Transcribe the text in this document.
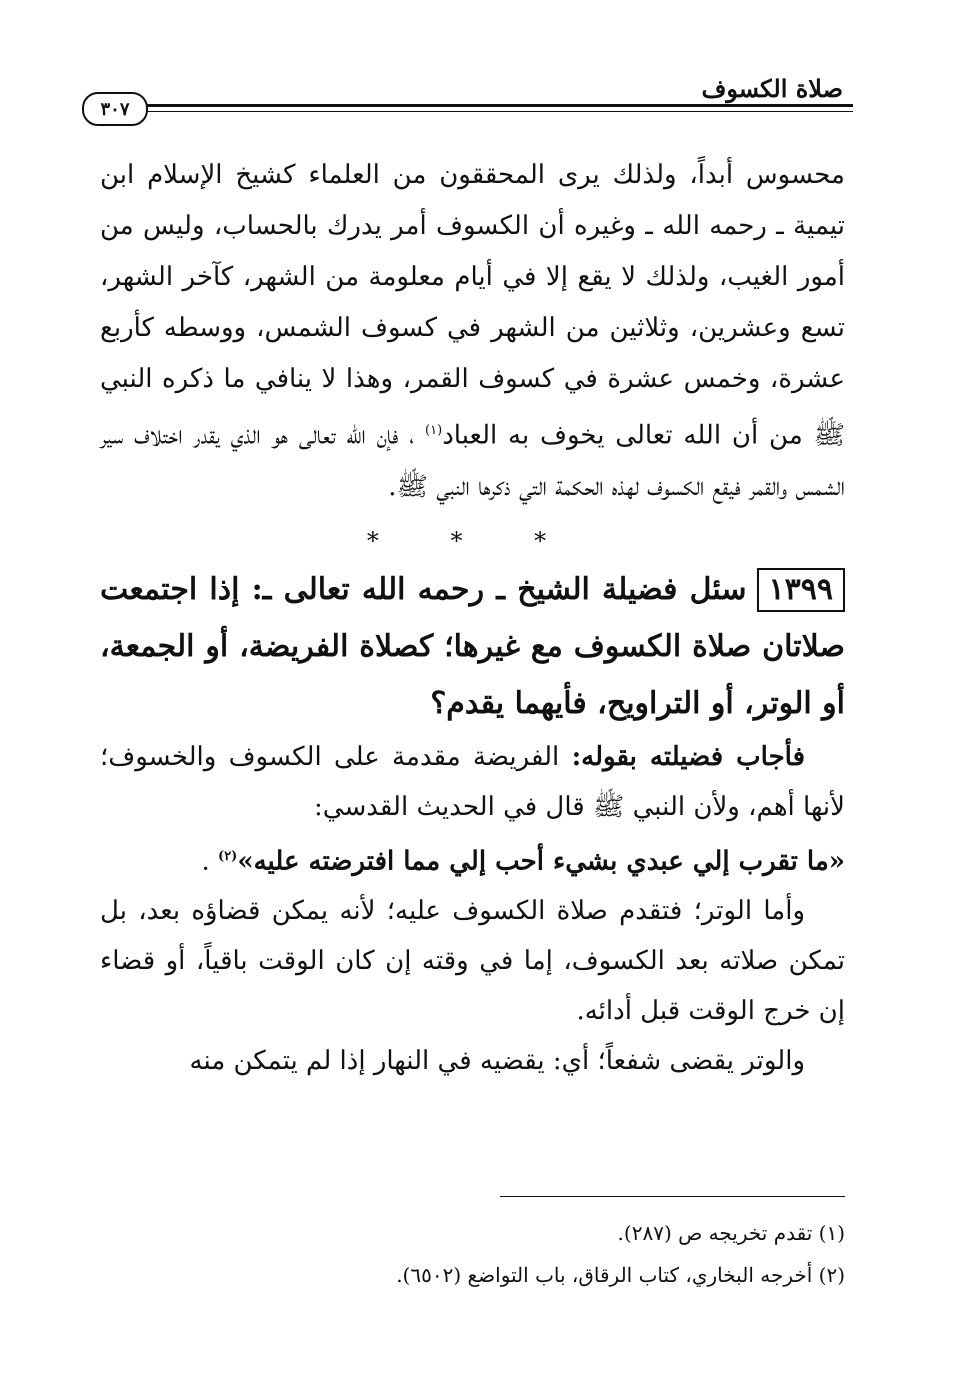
صلاة الكسوف
٣٠٧

محسوس أبداً، ولذلك يرى المحققون من العلماء كشيخ الإسلام ابن تيمية ـ رحمه الله ـ وغيره أن الكسوف أمر يدرك بالحساب، وليس من أمور الغيب، ولذلك لا يقع إلا في أيام معلومة من الشهر، كآخر الشهر، تسع وعشرين، وثلاثين من الشهر في كسوف الشمس، ووسطه كأربع عشرة، وخمس عشرة في كسوف القمر، وهذا لا ينافي ما ذكره النبي ﷺ من أن الله تعالى يخوف به العباد$^{(١)}$ ، فإن الله تعالى هو الذي يقدر اختلاف سير الشمس والقمر فيقع الكسوف لهذه الحكمة التي ذكرها النبي ﷺ.

* * *

١٣٩٩سئل فضيلة الشيخ ـ رحمه الله تعالى ـ: إذا اجتمعت صلاتان صلاة الكسوف مع غيرها؛ كصلاة الفريضة، أو الجمعة، أو الوتر، أو التراويح، فأيهما يقدم؟

فأجاب فضيلته بقوله: الفريضة مقدمة على الكسوف والخسوف؛ لأنها أهم، ولأن النبي ﷺ قال في الحديث القدسي:

«ما تقرب إلي عبدي بشيء أحب إلي مما افترضته عليه»$^{(٢)}$ .

وأما الوتر؛ فتقدم صلاة الكسوف عليه؛ لأنه يمكن قضاؤه بعد، بل تمكن صلاته بعد الكسوف، إما في وقته إن كان الوقت باقياً، أو قضاء إن خرج الوقت قبل أدائه.

والوتر يقضى شفعاً؛ أي: يقضيه في النهار إذا لم يتمكن منه

(١) تقدم تخريجه ص (٢٨٧).

(٢) أخرجه البخاري، كتاب الرقاق، باب التواضع (٦٥٠٢).
